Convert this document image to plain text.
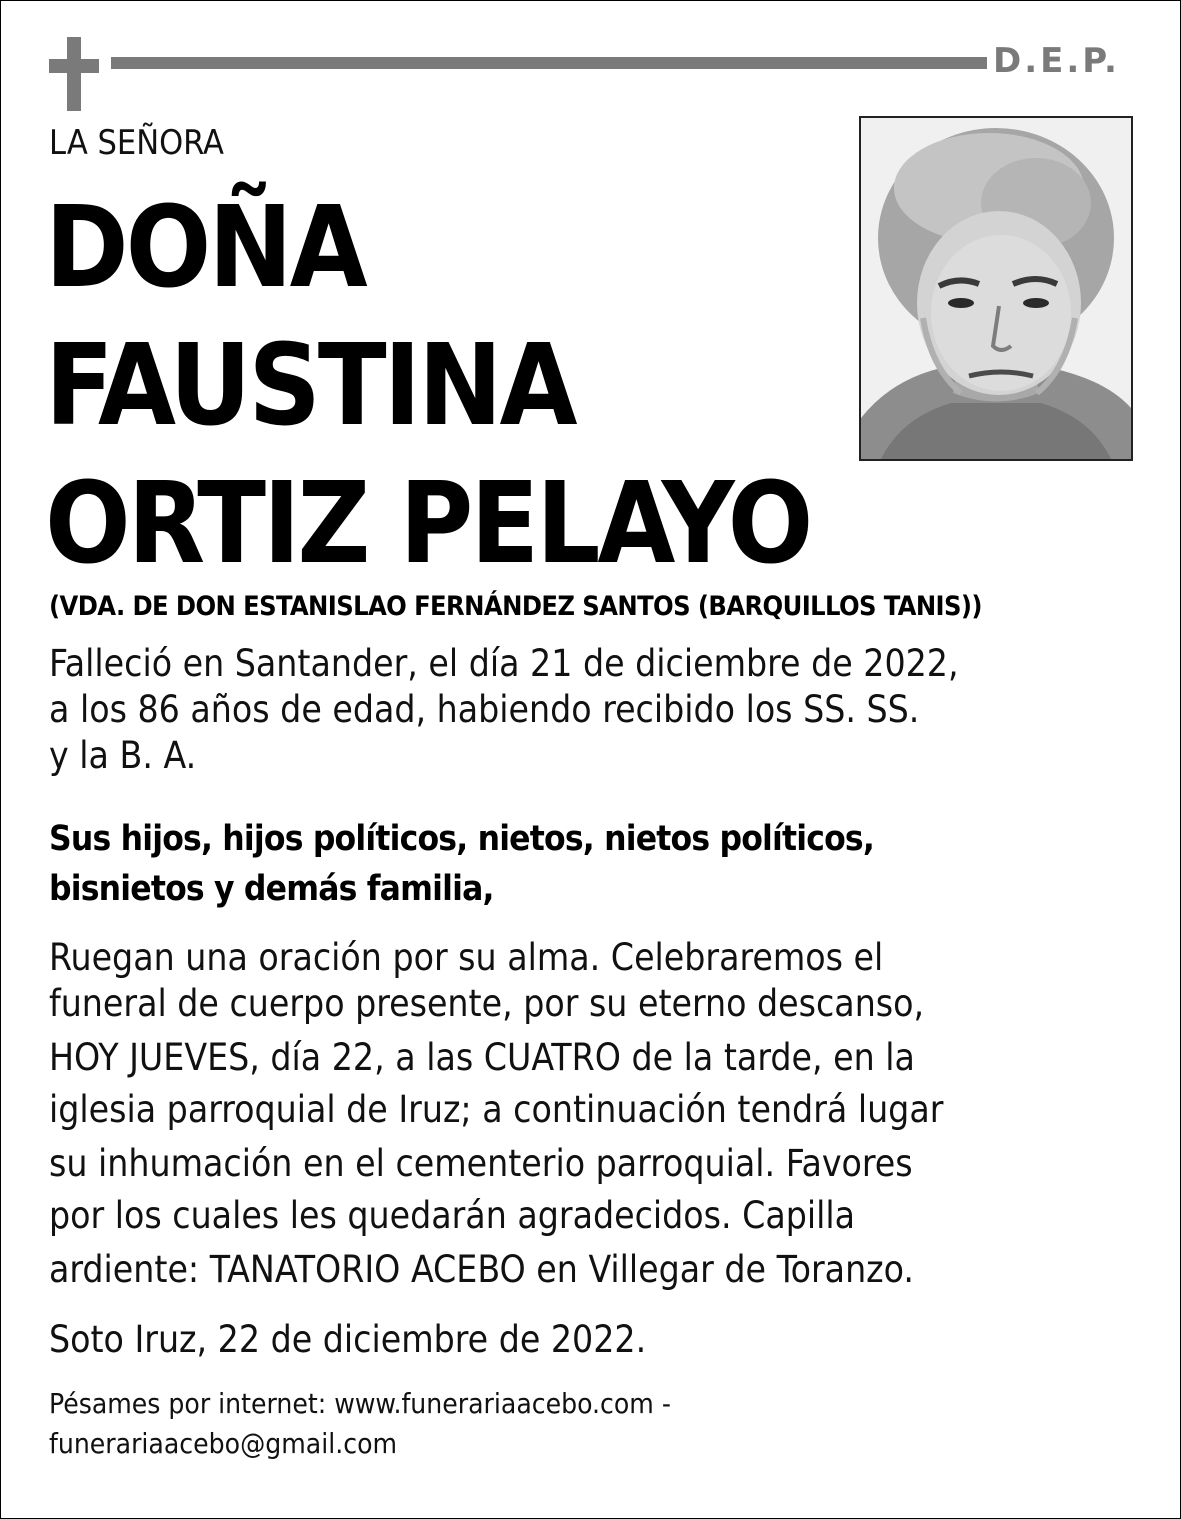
D.E.P.
LA SEÑORA
DOÑA
FAUSTINA
ORTIZ PELAYO
(VDA. DE DON ESTANISLAO FERNÁNDEZ SANTOS (BARQUILLOS TANIS))
Falleció en Santander, el día 21 de diciembre de 2022,
a los 86 años de edad, habiendo recibido los SS. SS.
y la B. A.
Sus hijos, hijos políticos, nietos, nietos políticos,
bisnietos y demás familia,
Ruegan una oración por su alma. Celebraremos el
funeral de cuerpo presente, por su eterno descanso,
HOY JUEVES, día 22, a las CUATRO de la tarde, en la
iglesia parroquial de Iruz; a continuación tendrá lugar
su inhumación en el cementerio parroquial. Favores
por los cuales les quedarán agradecidos. Capilla
ardiente: TANATORIO ACEBO en Villegar de Toranzo.
Soto Iruz, 22 de diciembre de 2022.
Pésames por internet: www.funerariaacebo.com -
funerariaacebo@gmail.com
